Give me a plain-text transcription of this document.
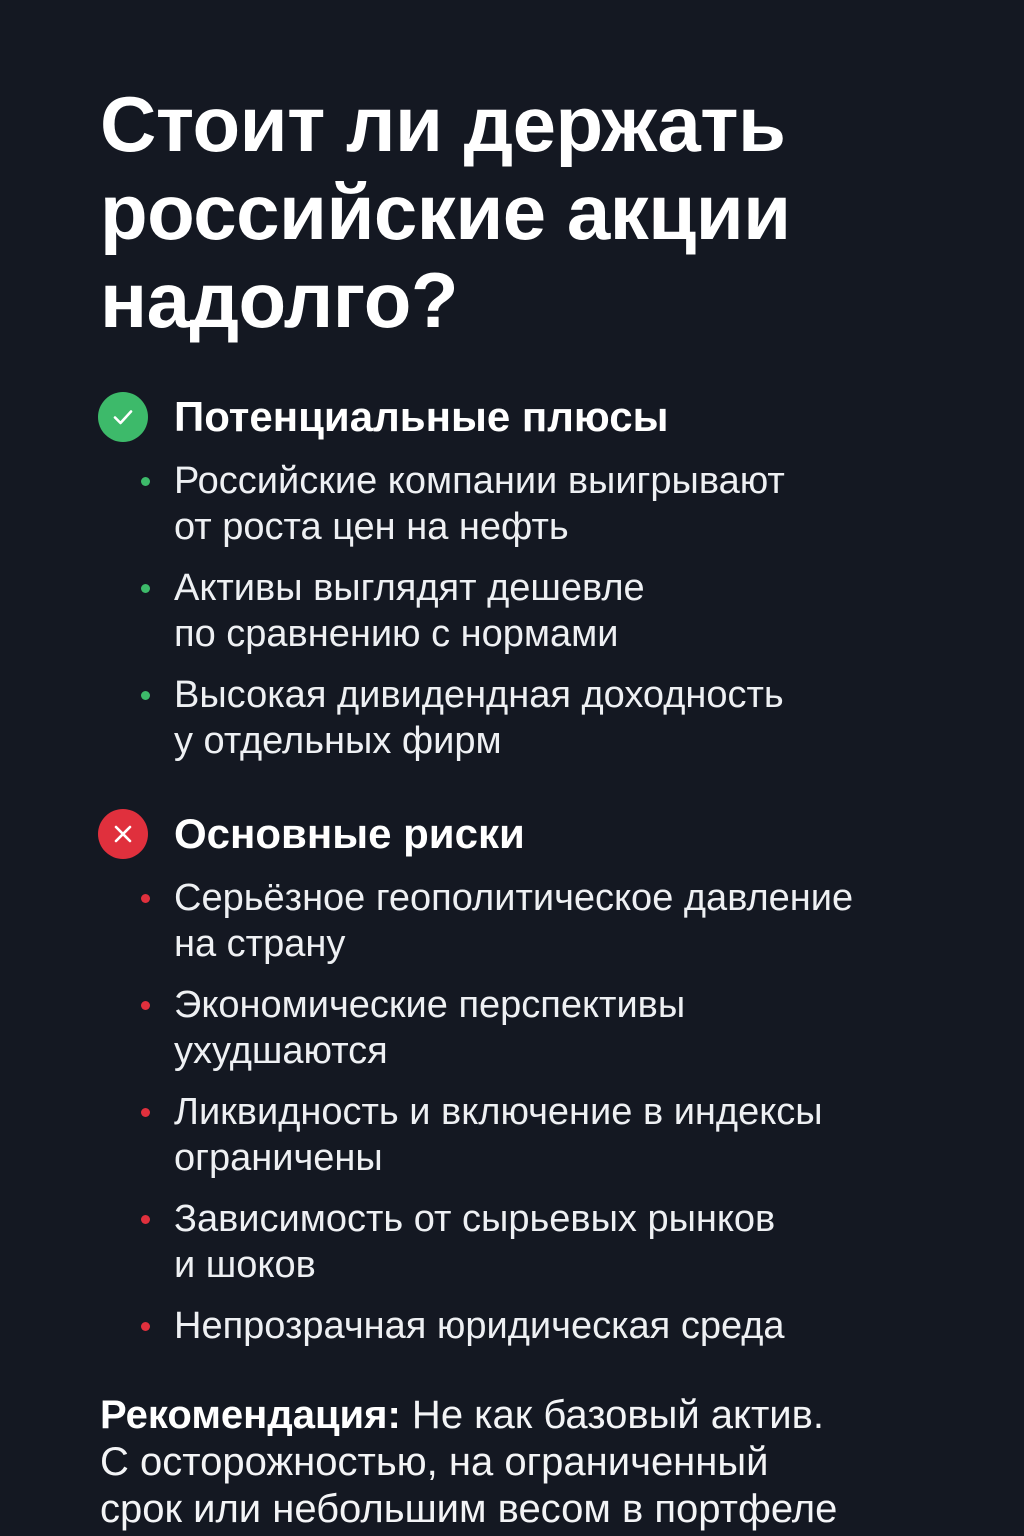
Стоит ли держать
российские акции
надолго?
Потенциальные плюсы
Российские компании выигрывают
от роста цен на нефть
Активы выглядят дешевле
по сравнению с нормами
Высокая дивидендная доходность
у отдельных фирм
Основные риски
Серьёзное геополитическое давление
на страну
Экономические перспективы
ухудшаются
Ликвидность и включение в индексы
ограничены
Зависимость от сырьевых рынков
и шоков
Непрозрачная юридическая среда
Рекомендация: Не как базовый актив.
С осторожностью, на ограниченный
срок или небольшим весом в портфеле
